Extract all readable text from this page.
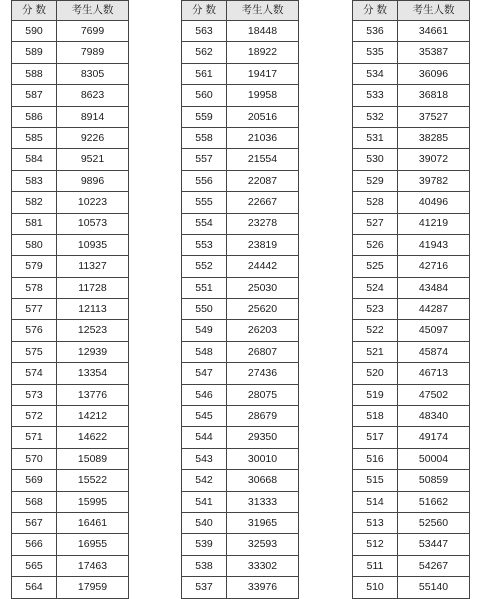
分 数	考生人数
590	7699
589	7989
588	8305
587	8623
586	8914
585	9226
584	9521
583	9896
582	10223
581	10573
580	10935
579	11327
578	11728
577	12113
576	12523
575	12939
574	13354
573	13776
572	14212
571	14622
570	15089
569	15522
568	15995
567	16461
566	16955
565	17463
564	17959
分 数	考生人数
563	18448
562	18922
561	19417
560	19958
559	20516
558	21036
557	21554
556	22087
555	22667
554	23278
553	23819
552	24442
551	25030
550	25620
549	26203
548	26807
547	27436
546	28075
545	28679
544	29350
543	30010
542	30668
541	31333
540	31965
539	32593
538	33302
537	33976
分 数	考生人数
536	34661
535	35387
534	36096
533	36818
532	37527
531	38285
530	39072
529	39782
528	40496
527	41219
526	41943
525	42716
524	43484
523	44287
522	45097
521	45874
520	46713
519	47502
518	48340
517	49174
516	50004
515	50859
514	51662
513	52560
512	53447
511	54267
510	55140
